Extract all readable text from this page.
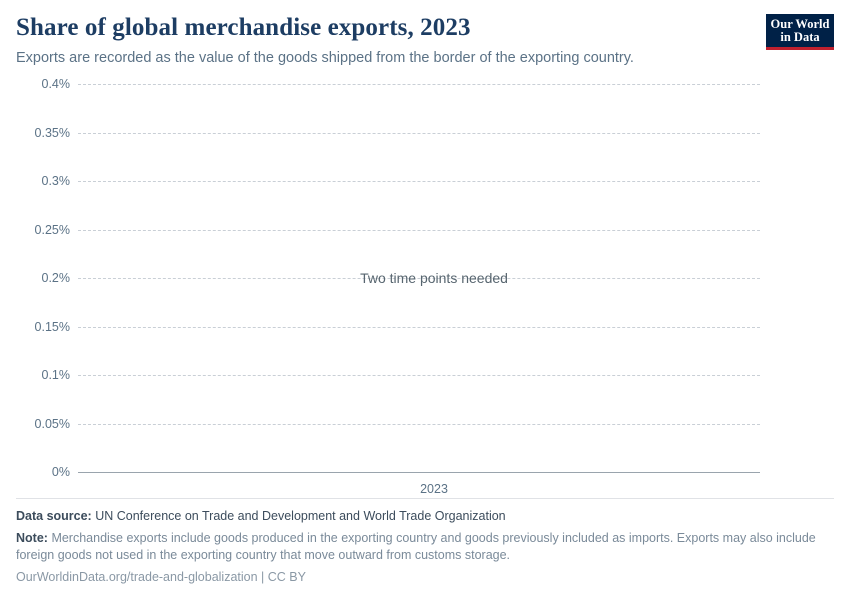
Share of global merchandise exports, 2023

Exports are recorded as the value of the goods shipped from the border of the exporting country.

Our World
in Data
0.4%
0.35%
0.3%
0.25%
0.2%
0.15%
0.1%
0.05%
0%
2023
Two time points needed
Data source: UN Conference on Trade and Development and World Trade Organization
Note: Merchandise exports include goods produced in the exporting country and goods previously included as imports. Exports may also include foreign goods not used in the exporting country that move outward from customs storage.
OurWorldinData.org/trade-and-globalization | CC BY
